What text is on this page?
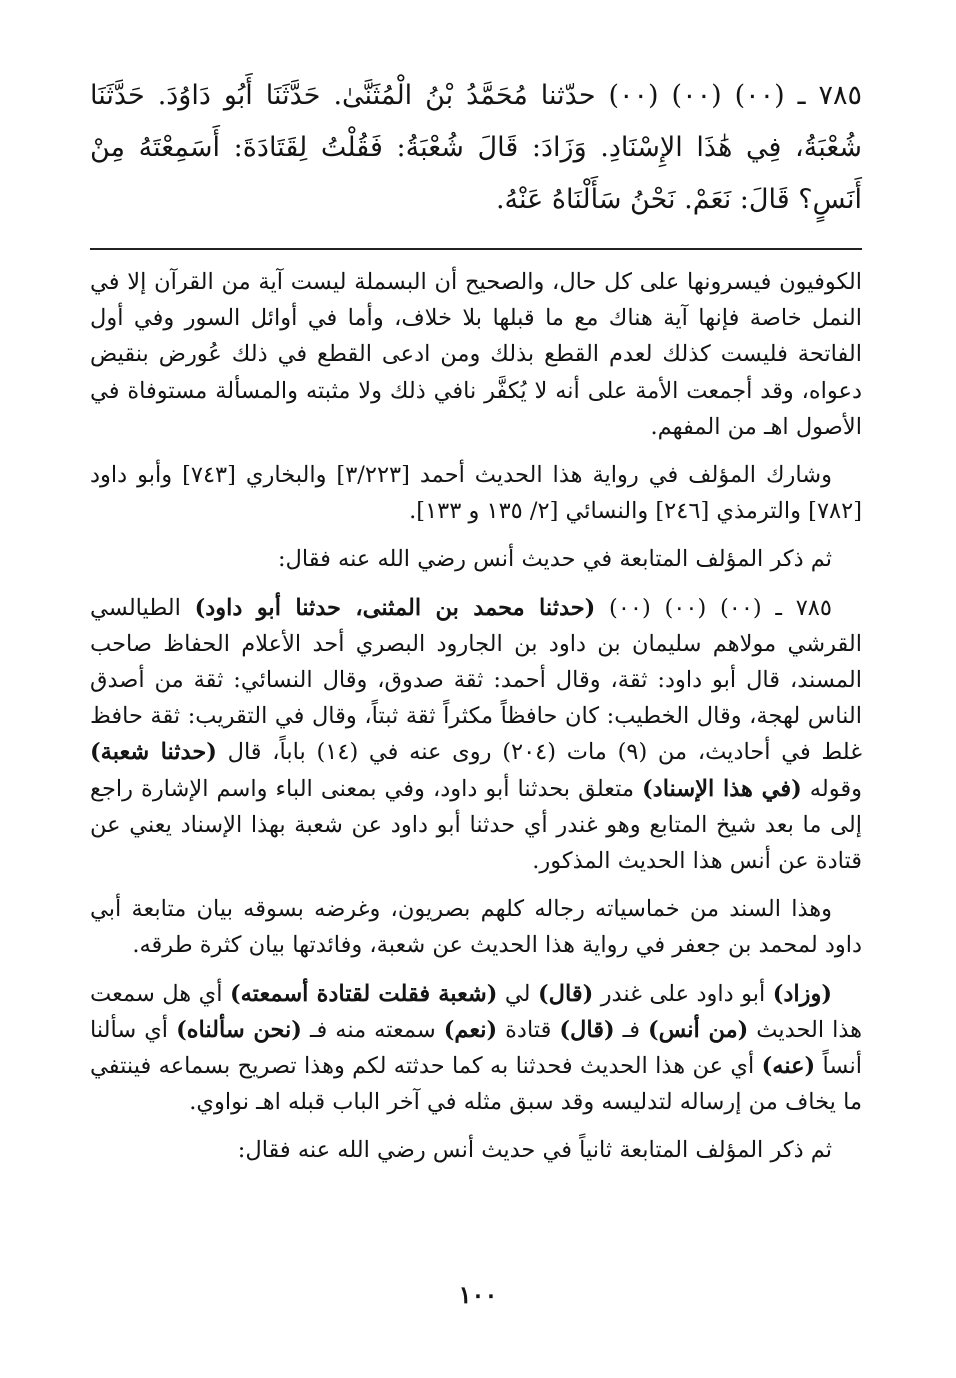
٧٨٥ ـ (٠٠) (٠٠) (٠٠) حدّثنا مُحَمَّدُ بْنُ الْمُثَنَّىٰ. حَدَّثَنَا أَبُو دَاوُدَ. حَدَّثَنَا شُعْبَةُ، فِي هَٰذَا الإِسْنَادِ. وَزَادَ: قَالَ شُعْبَةُ: فَقُلْتُ لِقَتَادَةَ: أَسَمِعْتَهُ مِنْ أَنَسٍ؟ قَالَ: نَعَمْ. نَحْنُ سَأَلْنَاهُ عَنْهُ.

الكوفيون فيسرونها على كل حال، والصحيح أن البسملة ليست آية من القرآن إلا في النمل خاصة فإنها آية هناك مع ما قبلها بلا خلاف، وأما في أوائل السور وفي أول الفاتحة فليست كذلك لعدم القطع بذلك ومن ادعى القطع في ذلك عُورض بنقيض دعواه، وقد أجمعت الأمة على أنه لا يُكفَّر نافي ذلك ولا مثبته والمسألة مستوفاة في الأصول اهـ من المفهم.

وشارك المؤلف في رواية هذا الحديث أحمد [٣/٢٢٣] والبخاري [٧٤٣] وأبو داود [٧٨٢] والترمذي [٢٤٦] والنسائي [٢/ ١٣٥ و ١٣٣].

ثم ذكر المؤلف المتابعة في حديث أنس رضي الله عنه فقال:

٧٨٥ ـ (٠٠) (٠٠) (٠٠) (حدثنا محمد بن المثنى، حدثنا أبو داود) الطيالسي القرشي مولاهم سليمان بن داود بن الجارود البصري أحد الأعلام الحفاظ صاحب المسند، قال أبو داود: ثقة، وقال أحمد: ثقة صدوق، وقال النسائي: ثقة من أصدق الناس لهجة، وقال الخطيب: كان حافظاً مكثراً ثقة ثبتاً، وقال في التقريب: ثقة حافظ غلط في أحاديث، من (٩) مات (٢٠٤) روى عنه في (١٤) باباً، قال (حدثنا شعبة) وقوله (في هذا الإسناد) متعلق بحدثنا أبو داود، وفي بمعنى الباء واسم الإشارة راجع إلى ما بعد شيخ المتابع وهو غندر أي حدثنا أبو داود عن شعبة بهذا الإسناد يعني عن قتادة عن أنس هذا الحديث المذكور.

وهذا السند من خماسياته رجاله كلهم بصريون، وغرضه بسوقه بيان متابعة أبي داود لمحمد بن جعفر في رواية هذا الحديث عن شعبة، وفائدتها بيان كثرة طرقه.

(وزاد) أبو داود على غندر (قال) لي (شعبة فقلت لقتادة أسمعته) أي هل سمعت هذا الحديث (من أنس) فـ (قال) قتادة (نعم) سمعته منه فـ (نحن سألناه) أي سألنا أنساً (عنه) أي عن هذا الحديث فحدثنا به كما حدثته لكم وهذا تصريح بسماعه فينتفي ما يخاف من إرساله لتدليسه وقد سبق مثله في آخر الباب قبله اهـ نواوي.

ثم ذكر المؤلف المتابعة ثانياً في حديث أنس رضي الله عنه فقال:

١٠٠
